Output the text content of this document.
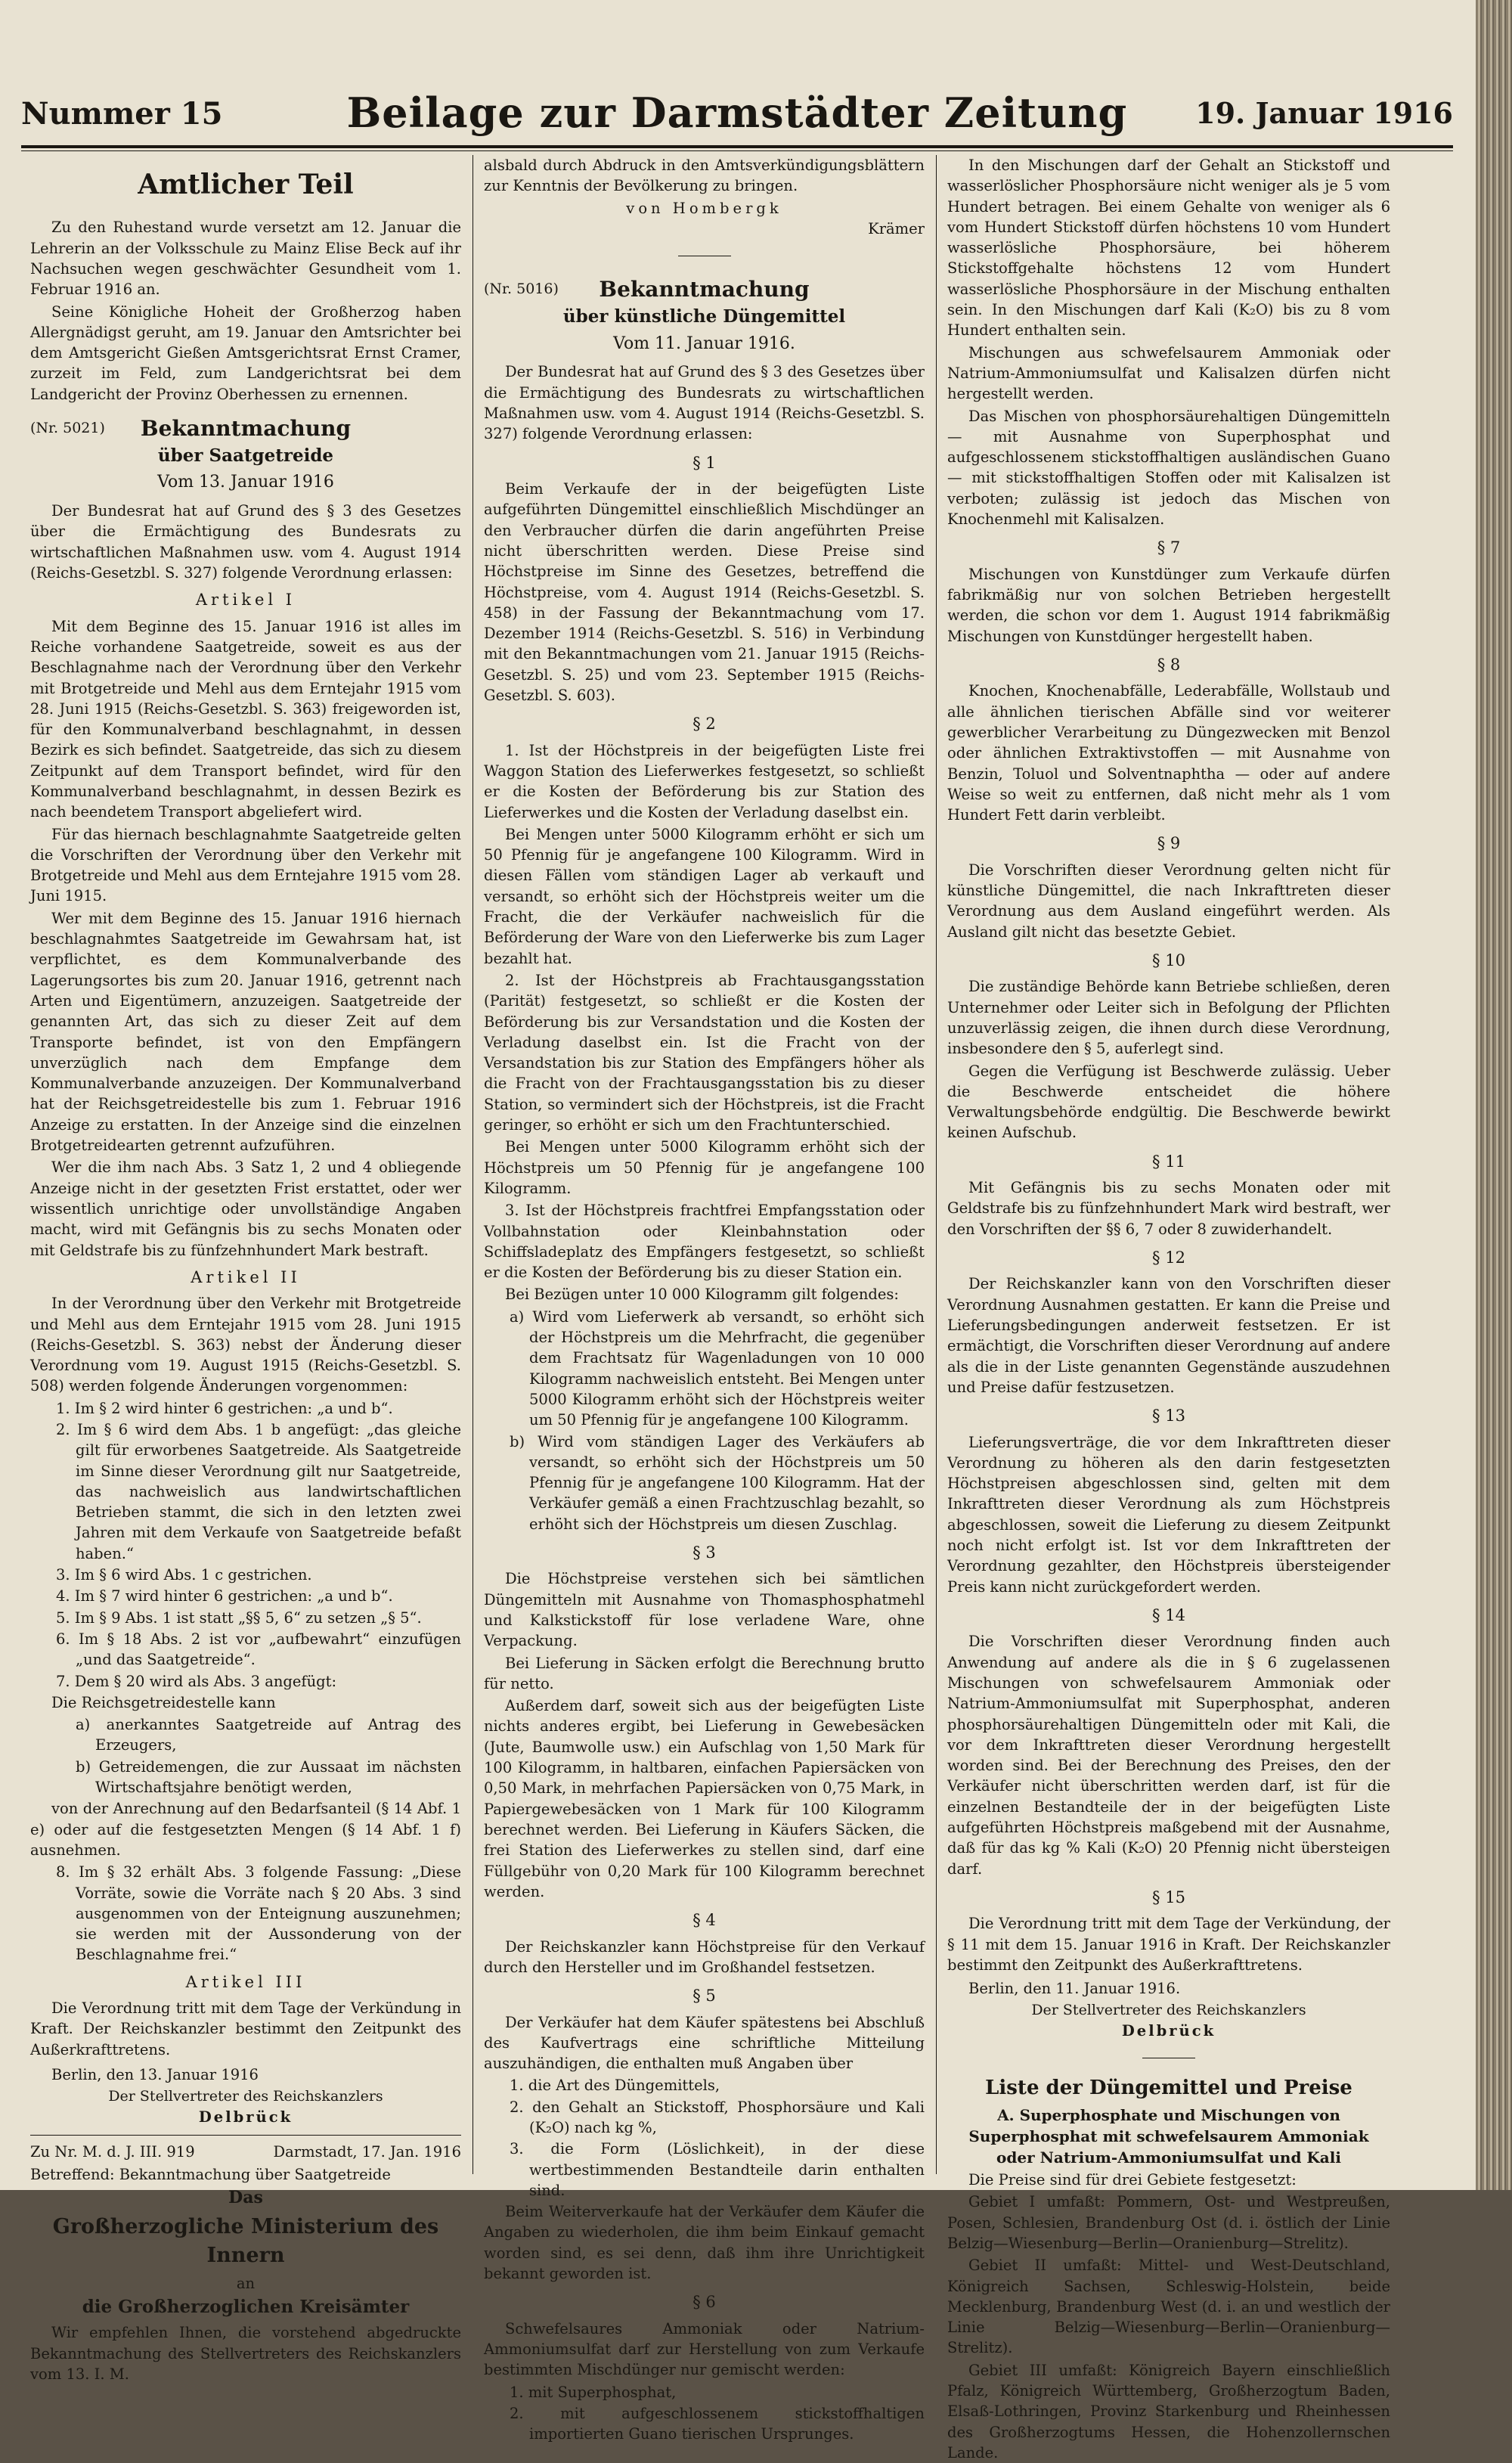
Nummer 15	Beilage zur Darmstädter Zeitung	19. Januar 1916
Amtlicher Teil

Zu den Ruhestand wurde versetzt am 12. Januar die Lehrerin an der Volksschule zu Mainz Elise Beck auf ihr Nachsuchen wegen geschwächter Gesundheit vom 1. Februar 1916 an.

Seine Königliche Hoheit der Großherzog haben Allergnädigst geruht, am 19. Januar den Amtsrichter bei dem Amtsgericht Gießen Amtsgerichtsrat Ernst Cramer, zurzeit im Feld, zum Landgerichtsrat bei dem Landgericht der Provinz Oberhessen zu ernennen.

(Nr. 5021)	Bekanntmachung
über Saatgetreide
Vom 13. Januar 1916

Der Bundesrat hat auf Grund des § 3 des Gesetzes über die Ermächtigung des Bundesrats zu wirtschaftlichen Maßnahmen usw. vom 4. August 1914 (Reichs-Gesetzbl. S. 327) folgende Verordnung erlassen:

Artikel I

Mit dem Beginne des 15. Januar 1916 ist alles im Reiche vorhandene Saatgetreide, soweit es aus der Beschlagnahme nach der Verordnung über den Verkehr mit Brotgetreide und Mehl aus dem Erntejahr 1915 vom 28. Juni 1915 (Reichs-Gesetzbl. S. 363) freigeworden ist, für den Kommunalverband beschlagnahmt, in dessen Bezirk es sich befindet. Saatgetreide, das sich zu diesem Zeitpunkt auf dem Transport befindet, wird für den Kommunalverband beschlagnahmt, in dessen Bezirk es nach beendetem Transport abgeliefert wird.

Für das hiernach beschlagnahmte Saatgetreide gelten die Vorschriften der Verordnung über den Verkehr mit Brotgetreide und Mehl aus dem Erntejahre 1915 vom 28. Juni 1915.

Wer mit dem Beginne des 15. Januar 1916 hiernach beschlagnahmtes Saatgetreide im Gewahrsam hat, ist verpflichtet, es dem Kommunalverbande des Lagerungsortes bis zum 20. Januar 1916, getrennt nach Arten und Eigentümern, anzuzeigen. Saatgetreide der genannten Art, das sich zu dieser Zeit auf dem Transporte befindet, ist von den Empfängern unverzüglich nach dem Empfange dem Kommunalverbande anzuzeigen. Der Kommunalverband hat der Reichsgetreidestelle bis zum 1. Februar 1916 Anzeige zu erstatten. In der Anzeige sind die einzelnen Brotgetreidearten getrennt aufzuführen.

Wer die ihm nach Abs. 3 Satz 1, 2 und 4 obliegende Anzeige nicht in der gesetzten Frist erstattet, oder wer wissentlich unrichtige oder unvollständige Angaben macht, wird mit Gefängnis bis zu sechs Monaten oder mit Geldstrafe bis zu fünfzehnhundert Mark bestraft.

Artikel II

In der Verordnung über den Verkehr mit Brotgetreide und Mehl aus dem Erntejahr 1915 vom 28. Juni 1915 (Reichs-Gesetzbl. S. 363) nebst der Änderung dieser Verordnung vom 19. August 1915 (Reichs-Gesetzbl. S. 508) werden folgende Änderungen vorgenommen:

1. Im § 2 wird hinter 6 gestrichen: „a und b“.
2. Im § 6 wird dem Abs. 1 b angefügt: „das gleiche gilt für erworbenes Saatgetreide. Als Saatgetreide im Sinne dieser Verordnung gilt nur Saatgetreide, das nachweislich aus landwirtschaftlichen Betrieben stammt, die sich in den letzten zwei Jahren mit dem Verkaufe von Saatgetreide befaßt haben.“
3. Im § 6 wird Abs. 1 c gestrichen.
4. Im § 7 wird hinter 6 gestrichen: „a und b“.
5. Im § 9 Abs. 1 ist statt „§§ 5, 6“ zu setzen „§ 5“.
6. Im § 18 Abs. 2 ist vor „aufbewahrt“ einzufügen „und das Saatgetreide“.
7. Dem § 20 wird als Abs. 3 angefügt:

Die Reichsgetreidestelle kann

a) anerkanntes Saatgetreide auf Antrag des Erzeugers,
b) Getreidemengen, die zur Aussaat im nächsten Wirtschaftsjahre benötigt werden,

von der Anrechnung auf den Bedarfsanteil (§ 14 Abf. 1 e) oder auf die festgesetzten Mengen (§ 14 Abf. 1 f) ausnehmen.

8. Im § 32 erhält Abs. 3 folgende Fassung: „Diese Vorräte, sowie die Vorräte nach § 20 Abs. 3 sind ausgenommen von der Enteignung auszunehmen; sie werden mit der Aussonderung von der Beschlagnahme frei.“
Artikel III

Die Verordnung tritt mit dem Tage der Verkündung in Kraft. Der Reichskanzler bestimmt den Zeitpunkt des Außerkrafttretens.

Berlin, den 13. Januar 1916

Der Stellvertreter des Reichskanzlers
Delbrück
Zu Nr. M. d. J. III. 919	Darmstadt, 17. Jan. 1916

Betreffend: Bekanntmachung über Saatgetreide

Das
Großherzogliche Ministerium des Innern
an
die Großherzoglichen Kreisämter

Wir empfehlen Ihnen, die vorstehend abgedruckte Bekanntmachung des Stellvertreters des Reichskanzlers vom 13. I. M.

alsbald durch Abdruck in den Amtsverkündigungsblättern zur Kenntnis der Bevölkerung zu bringen.

von Hombergk
Krämer
(Nr. 5016)	Bekanntmachung
über künstliche Düngemittel
Vom 11. Januar 1916.

Der Bundesrat hat auf Grund des § 3 des Gesetzes über die Ermächtigung des Bundesrats zu wirtschaftlichen Maßnahmen usw. vom 4. August 1914 (Reichs-Gesetzbl. S. 327) folgende Verordnung erlassen:

§ 1

Beim Verkaufe der in der beigefügten Liste aufgeführten Düngemittel einschließlich Mischdünger an den Verbraucher dürfen die darin angeführten Preise nicht überschritten werden. Diese Preise sind Höchstpreise im Sinne des Gesetzes, betreffend die Höchstpreise, vom 4. August 1914 (Reichs-Gesetzbl. S. 458) in der Fassung der Bekanntmachung vom 17. Dezember 1914 (Reichs-Gesetzbl. S. 516) in Verbindung mit den Bekanntmachungen vom 21. Januar 1915 (Reichs-Gesetzbl. S. 25) und vom 23. September 1915 (Reichs-Gesetzbl. S. 603).

§ 2

1. Ist der Höchstpreis in der beigefügten Liste frei Waggon Station des Lieferwerkes festgesetzt, so schließt er die Kosten der Beförderung bis zur Station des Lieferwerkes und die Kosten der Verladung daselbst ein.

Bei Mengen unter 5000 Kilogramm erhöht er sich um 50 Pfennig für je angefangene 100 Kilogramm. Wird in diesen Fällen vom ständigen Lager ab verkauft und versandt, so erhöht sich der Höchstpreis weiter um die Fracht, die der Verkäufer nachweislich für die Beförderung der Ware von den Lieferwerke bis zum Lager bezahlt hat.

2. Ist der Höchstpreis ab Frachtausgangsstation (Parität) festgesetzt, so schließt er die Kosten der Beförderung bis zur Versandstation und die Kosten der Verladung daselbst ein. Ist die Fracht von der Versandstation bis zur Station des Empfängers höher als die Fracht von der Frachtausgangsstation bis zu dieser Station, so vermindert sich der Höchstpreis, ist die Fracht geringer, so erhöht er sich um den Frachtunterschied.

Bei Mengen unter 5000 Kilogramm erhöht sich der Höchstpreis um 50 Pfennig für je angefangene 100 Kilogramm.

3. Ist der Höchstpreis frachtfrei Empfangsstation oder Vollbahnstation oder Kleinbahnstation oder Schiffsladeplatz des Empfängers festgesetzt, so schließt er die Kosten der Beförderung bis zu dieser Station ein.

Bei Bezügen unter 10 000 Kilogramm gilt folgendes:

a) Wird vom Lieferwerk ab versandt, so erhöht sich der Höchstpreis um die Mehrfracht, die gegenüber dem Frachtsatz für Wagenladungen von 10 000 Kilogramm nachweislich entsteht. Bei Mengen unter 5000 Kilogramm erhöht sich der Höchstpreis weiter um 50 Pfennig für je angefangene 100 Kilogramm.
b) Wird vom ständigen Lager des Verkäufers ab versandt, so erhöht sich der Höchstpreis um 50 Pfennig für je angefangene 100 Kilogramm. Hat der Verkäufer gemäß a einen Frachtzuschlag bezahlt, so erhöht sich der Höchstpreis um diesen Zuschlag.
§ 3

Die Höchstpreise verstehen sich bei sämtlichen Düngemitteln mit Ausnahme von Thomasphosphatmehl und Kalkstickstoff für lose verladene Ware, ohne Verpackung.

Bei Lieferung in Säcken erfolgt die Berechnung brutto für netto.

Außerdem darf, soweit sich aus der beigefügten Liste nichts anderes ergibt, bei Lieferung in Gewebesäcken (Jute, Baumwolle usw.) ein Aufschlag von 1,50 Mark für 100 Kilogramm, in haltbaren, einfachen Papiersäcken von 0,50 Mark, in mehrfachen Papiersäcken von 0,75 Mark, in Papiergewebesäcken von 1 Mark für 100 Kilogramm berechnet werden. Bei Lieferung in Käufers Säcken, die frei Station des Lieferwerkes zu stellen sind, darf eine Füllgebühr von 0,20 Mark für 100 Kilogramm berechnet werden.

§ 4

Der Reichskanzler kann Höchstpreise für den Verkauf durch den Hersteller und im Großhandel festsetzen.

§ 5

Der Verkäufer hat dem Käufer spätestens bei Abschluß des Kaufvertrags eine schriftliche Mitteilung auszuhändigen, die enthalten muß Angaben über

1. die Art des Düngemittels,
2. den Gehalt an Stickstoff, Phosphorsäure und Kali (K₂O) nach kg %,
3. die Form (Löslichkeit), in der diese wertbestimmenden Bestandteile darin enthalten sind.

Beim Weiterverkaufe hat der Verkäufer dem Käufer die Angaben zu wiederholen, die ihm beim Einkauf gemacht worden sind, es sei denn, daß ihm ihre Unrichtigkeit bekannt geworden ist.

§ 6

Schwefelsaures Ammoniak oder Natrium-Ammoniumsulfat darf zur Herstellung von zum Verkaufe bestimmten Mischdünger nur gemischt werden:

1. mit Superphosphat,
2. mit aufgeschlossenem stickstoffhaltigen importierten Guano tierischen Ursprunges.

In den Mischungen darf der Gehalt an Stickstoff und wasserlöslicher Phosphorsäure nicht weniger als je 5 vom Hundert betragen. Bei einem Gehalte von weniger als 6 vom Hundert Stickstoff dürfen höchstens 10 vom Hundert wasserlösliche Phosphorsäure, bei höherem Stickstoffgehalte höchstens 12 vom Hundert wasserlösliche Phosphorsäure in der Mischung enthalten sein. In den Mischungen darf Kali (K₂O) bis zu 8 vom Hundert enthalten sein.

Mischungen aus schwefelsaurem Ammoniak oder Natrium-Ammoniumsulfat und Kalisalzen dürfen nicht hergestellt werden.

Das Mischen von phosphorsäurehaltigen Düngemitteln — mit Ausnahme von Superphosphat und aufgeschlossenem stickstoffhaltigen ausländischen Guano — mit stickstoffhaltigen Stoffen oder mit Kalisalzen ist verboten; zulässig ist jedoch das Mischen von Knochenmehl mit Kalisalzen.

§ 7

Mischungen von Kunstdünger zum Verkaufe dürfen fabrikmäßig nur von solchen Betrieben hergestellt werden, die schon vor dem 1. August 1914 fabrikmäßig Mischungen von Kunstdünger hergestellt haben.

§ 8

Knochen, Knochenabfälle, Lederabfälle, Wollstaub und alle ähnlichen tierischen Abfälle sind vor weiterer gewerblicher Verarbeitung zu Düngezwecken mit Benzol oder ähnlichen Extraktivstoffen — mit Ausnahme von Benzin, Toluol und Solventnaphtha — oder auf andere Weise so weit zu entfernen, daß nicht mehr als 1 vom Hundert Fett darin verbleibt.

§ 9

Die Vorschriften dieser Verordnung gelten nicht für künstliche Düngemittel, die nach Inkrafttreten dieser Verordnung aus dem Ausland eingeführt werden. Als Ausland gilt nicht das besetzte Gebiet.

§ 10

Die zuständige Behörde kann Betriebe schließen, deren Unternehmer oder Leiter sich in Befolgung der Pflichten unzuverlässig zeigen, die ihnen durch diese Verordnung, insbesondere den § 5, auferlegt sind.

Gegen die Verfügung ist Beschwerde zulässig. Ueber die Beschwerde entscheidet die höhere Verwaltungsbehörde endgültig. Die Beschwerde bewirkt keinen Aufschub.

§ 11

Mit Gefängnis bis zu sechs Monaten oder mit Geldstrafe bis zu fünfzehnhundert Mark wird bestraft, wer den Vorschriften der §§ 6, 7 oder 8 zuwiderhandelt.

§ 12

Der Reichskanzler kann von den Vorschriften dieser Verordnung Ausnahmen gestatten. Er kann die Preise und Lieferungsbedingungen anderweit festsetzen. Er ist ermächtigt, die Vorschriften dieser Verordnung auf andere als die in der Liste genannten Gegenstände auszudehnen und Preise dafür festzusetzen.

§ 13

Lieferungsverträge, die vor dem Inkrafttreten dieser Verordnung zu höheren als den darin festgesetzten Höchstpreisen abgeschlossen sind, gelten mit dem Inkrafttreten dieser Verordnung als zum Höchstpreis abgeschlossen, soweit die Lieferung zu diesem Zeitpunkt noch nicht erfolgt ist. Ist vor dem Inkrafttreten der Verordnung gezahlter, den Höchstpreis übersteigender Preis kann nicht zurückgefordert werden.

§ 14

Die Vorschriften dieser Verordnung finden auch Anwendung auf andere als die in § 6 zugelassenen Mischungen von schwefelsaurem Ammoniak oder Natrium-Ammoniumsulfat mit Superphosphat, anderen phosphorsäurehaltigen Düngemitteln oder mit Kali, die vor dem Inkrafttreten dieser Verordnung hergestellt worden sind. Bei der Berechnung des Preises, den der Verkäufer nicht überschritten werden darf, ist für die einzelnen Bestandteile der in der beigefügten Liste aufgeführten Höchstpreis maßgebend mit der Ausnahme, daß für das kg % Kali (K₂O) 20 Pfennig nicht übersteigen darf.

§ 15

Die Verordnung tritt mit dem Tage der Verkündung, der § 11 mit dem 15. Januar 1916 in Kraft. Der Reichskanzler bestimmt den Zeitpunkt des Außerkrafttretens.

Berlin, den 11. Januar 1916.

Der Stellvertreter des Reichskanzlers
Delbrück
Liste der Düngemittel und Preise

A. Superphosphate und Mischungen von Superphosphat mit schwefelsaurem Ammoniak oder Natrium-Ammoniumsulfat und Kali

Die Preise sind für drei Gebiete festgesetzt:

Gebiet I umfaßt: Pommern, Ost- und Westpreußen, Posen, Schlesien, Brandenburg Ost (d. i. östlich der Linie Belzig—Wiesenburg—Berlin—Oranienburg—Strelitz).

Gebiet II umfaßt: Mittel- und West-Deutschland, Königreich Sachsen, Schleswig-Holstein, beide Mecklenburg, Brandenburg West (d. i. an und westlich der Linie Belzig—Wiesenburg—Berlin—Oranienburg—Strelitz).

Gebiet III umfaßt: Königreich Bayern einschließlich Pfalz, Königreich Württemberg, Großherzogtum Baden, Elsaß-Lothringen, Provinz Starkenburg und Rheinhessen des Großherzogtums Hessen, die Hohenzollernschen Lande.
